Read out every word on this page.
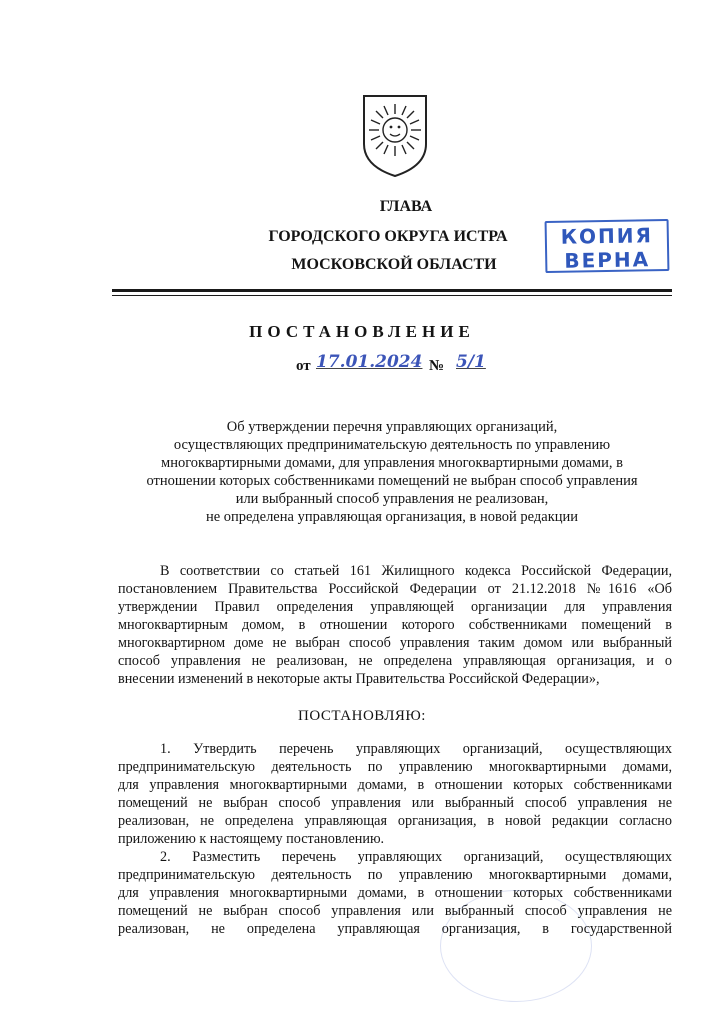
ГЛАВА
ГОРОДСКОГО ОКРУГА ИСТРА
МОСКОВСКОЙ ОБЛАСТИ
КОПИЯ
ВЕРНА
ПОСТАНОВЛЕНИЕ
от 17.01.2024 № 5/1
Об утверждении перечня управляющих организаций,
осуществляющих предпринимательскую деятельность по управлению
многоквартирными домами, для управления многоквартирными домами, в
отношении которых собственниками помещений не выбран способ управления
или выбранный способ управления не реализован,
не определена управляющая организация, в новой редакции
В соответствии со статьей 161 Жилищного кодекса Российской Федерации,
постановлением Правительства Российской Федерации от 21.12.2018 №1616 «Об
утверждении Правил определения управляющей организации для управления
многоквартирным домом, в отношении которого собственниками помещений в
многоквартирном доме не выбран способ управления таким домом или выбранный
способ управления не реализован, не определена управляющая организация, и о
внесении изменений в некоторые акты Правительства Российской Федерации»,
ПОСТАНОВЛЯЮ:
1. Утвердить перечень управляющих организаций, осуществляющих
предпринимательскую деятельность по управлению многоквартирными домами,
для управления многоквартирными домами, в отношении которых собственниками
помещений не выбран способ управления или выбранный способ управления не
реализован, не определена управляющая организация, в новой редакции согласно
приложению к настоящему постановлению.
2. Разместить перечень управляющих организаций, осуществляющих
предпринимательскую деятельность по управлению многоквартирными домами,
для управления многоквартирными домами, в отношении которых собственниками
помещений не выбран способ управления или выбранный способ управления не
реализован, не определена управляющая организация, в государственной
